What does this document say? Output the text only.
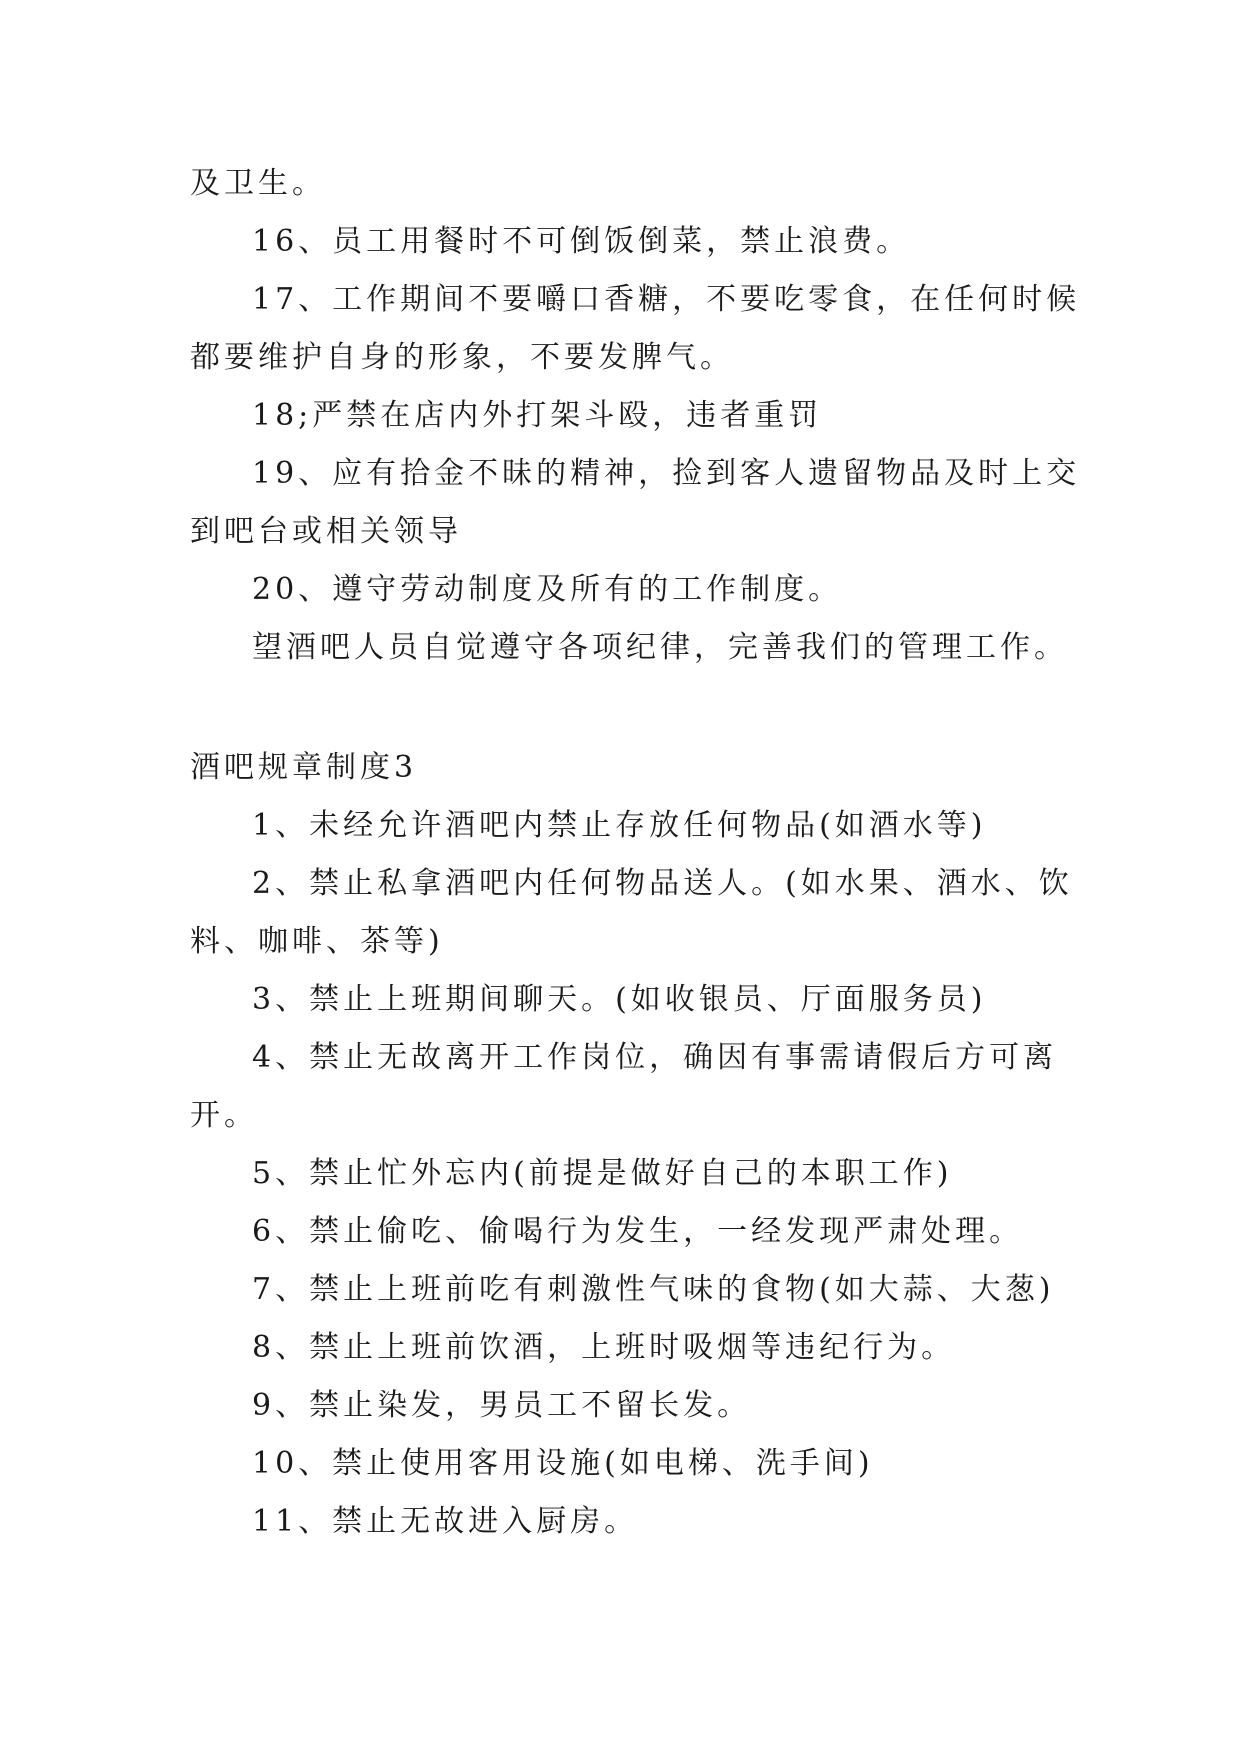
及卫生。
16、员工用餐时不可倒饭倒菜，禁止浪费。
17、工作期间不要嚼口香糖，不要吃零食，在任何时候
都要维护自身的形象，不要发脾气。
18;严禁在店内外打架斗殴，违者重罚
19、应有拾金不昧的精神，捡到客人遗留物品及时上交
到吧台或相关领导
20、遵守劳动制度及所有的工作制度。
望酒吧人员自觉遵守各项纪律，完善我们的管理工作。
酒吧规章制度3
1、未经允许酒吧内禁止存放任何物品(如酒水等)
2、禁止私拿酒吧内任何物品送人。(如水果、酒水、饮
料、咖啡、茶等)
3、禁止上班期间聊天。(如收银员、厅面服务员)
4、禁止无故离开工作岗位，确因有事需请假后方可离
开。
5、禁止忙外忘内(前提是做好自己的本职工作)
6、禁止偷吃、偷喝行为发生，一经发现严肃处理。
7、禁止上班前吃有刺激性气味的食物(如大蒜、大葱)
8、禁止上班前饮酒，上班时吸烟等违纪行为。
9、禁止染发，男员工不留长发。
10、禁止使用客用设施(如电梯、洗手间)
11、禁止无故进入厨房。
